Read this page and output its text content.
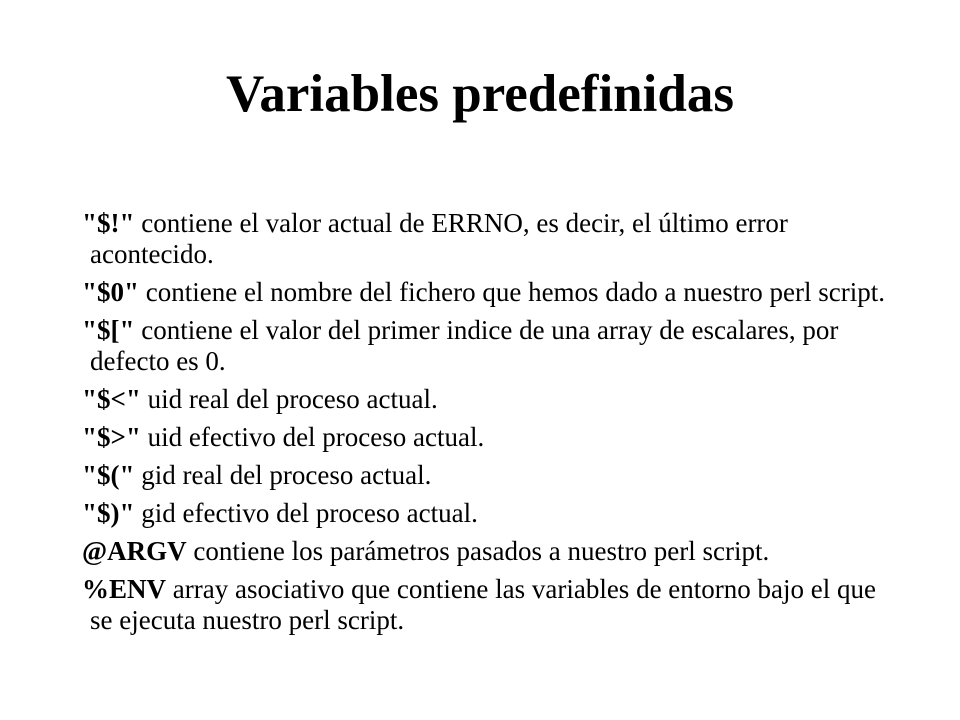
Variables predefinidas
"$!" contiene el valor actual de ERRNO, es decir, el último error acontecido.
"$0" contiene el nombre del fichero que hemos dado a nuestro perl script.
"$[" contiene el valor del primer indice de una array de escalares, por defecto es 0.
"$<" uid real del proceso actual.
"$>" uid efectivo del proceso actual.
"$(" gid real del proceso actual.
"$)" gid efectivo del proceso actual.
@ARGV contiene los parámetros pasados a nuestro perl script.
%ENV array asociativo que contiene las variables de entorno bajo el que se ejecuta nuestro perl script.
